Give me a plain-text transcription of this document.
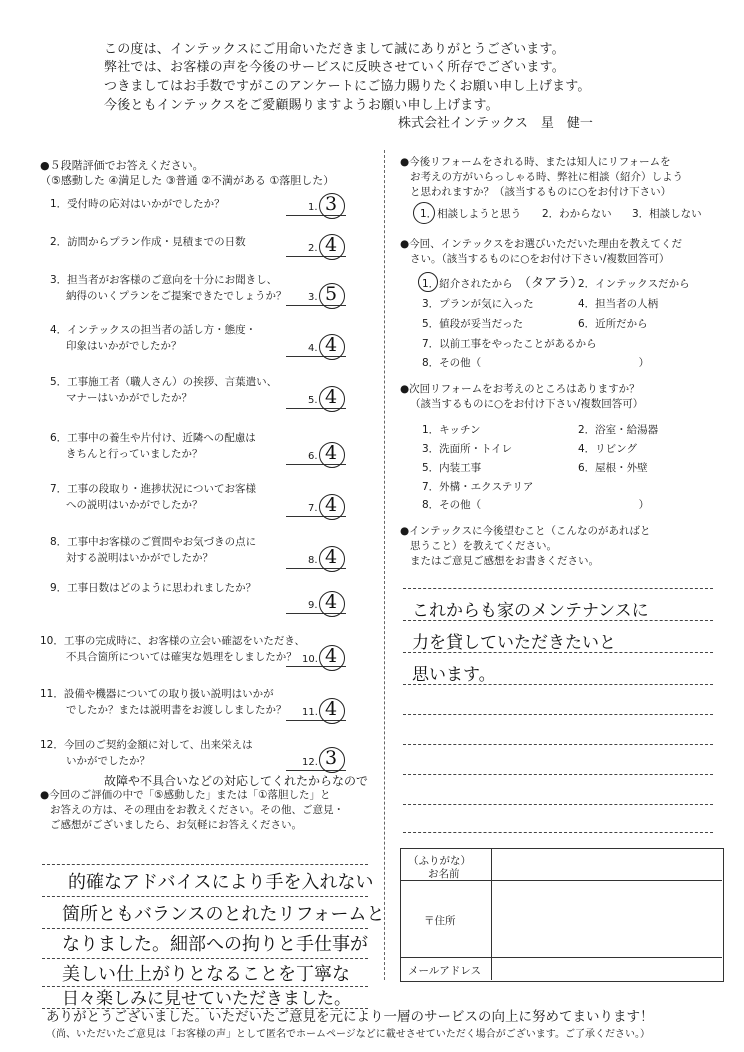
この度は、インテックスにご用命いただきまして誠にありがとうございます。
弊社では、お客様の声を今後のサービスに反映させていく所存でございます。
つきましてはお手数ですがこのアンケートにご協力賜りたくお願い申し上げます。
今後ともインテックスをご愛顧賜りますようお願い申し上げます。
株式会社インテックス　星　健一
●５段階評価でお答えください。
（⑤感動した ④満足した ③普通 ②不満がある ①落胆した）
1．受付時の応対はいかがでしたか？	1. 3
2．訪問からプラン作成・見積までの日数
2. 4
3．担当者がお客様のご意向を十分にお聞きし、
納得のいくプランをご提案できたでしょうか？	3. 5
4．インテックスの担当者の話し方・態度・
印象はいかがでしたか？	4. 4
5．工事施工者（職人さん）の挨拶、言葉遣い、
マナーはいかがでしたか？	5. 4
6．工事中の養生や片付け、近隣への配慮は
きちんと行っていましたか？	6. 4
7．工事の段取り・進捗状況についてお客様
への説明はいかがでしたか？	7. 4
8．工事中お客様のご質問やお気づきの点に
対する説明はいかがでしたか？	8. 4
9．工事日数はどのように思われましたか？
9. 4
10．工事の完成時に、お客様の立会い確認をいただき、
不具合箇所については確実な処理をしましたか？ 10. 4
11．設備や機器についての取り扱い説明はいかが
でしたか？または説明書をお渡ししましたか？	11. 4
12．今回のご契約金額に対して、出来栄えは
いかがでしたか？	12. 3
故障や不具合いなどの対応してくれたからなので
●今回のご評価の中で「⑤感動した」または「①落胆した」と
お答えの方は、その理由をお教えください。その他、ご意見・
ご感想がございましたら、お気軽にお答えください。
的確なアドバイスにより手を入れない
箇所ともバランスのとれたリフォームと
なりました。細部への拘りと手仕事が
美しい仕上がりとなることを丁寧な
日々楽しみに見せていただきました。
●今後リフォームをされる時、または知人にリフォームを
お考えの方がいらっしゃる時、弊社に相談（紹介）しよう
と思われますか？（該当するものに○をお付け下さい）
1．相談しようと思う 2．わからない 3．相談しない
●今回、インテックスをお選びいただいた理由を教えてくだ
さい。（該当するものに○をお付け下さい/複数回答可）
1．紹介されたから （タアラ）
2．インテックスだから
3．プランが気に入った	4．担当者の人柄
5．値段が妥当だった	6．近所だから
7．以前工事をやったことがあるから
8．その他（　　　　　　　　　　　　　　　）
●次回リフォームをお考えのところはありますか？
（該当するものに○をお付け下さい/複数回答可）
1．キッチン	2．浴室・給湯器
3．洗面所・トイレ	4．リビング
5．内装工事	6．屋根・外壁
7．外構・エクステリア
8．その他（　　　　　　　　　　　　　　　）
●インテックスに今後望むこと（こんなのがあればと
思うこと）を教えてください。
またはご意見ご感想をお書きください。
これからも家のメンテナンスに
力を貸していただきたいと
思います。
（ふりがな）
お名前
〒住所
メールアドレス
ありがとうございました。いただいたご意見を元により一層のサービスの向上に努めてまいります！
（尚、いただいたご意見は「お客様の声」として匿名でホームページなどに載せさせていただく場合がございます。ご了承ください。）
